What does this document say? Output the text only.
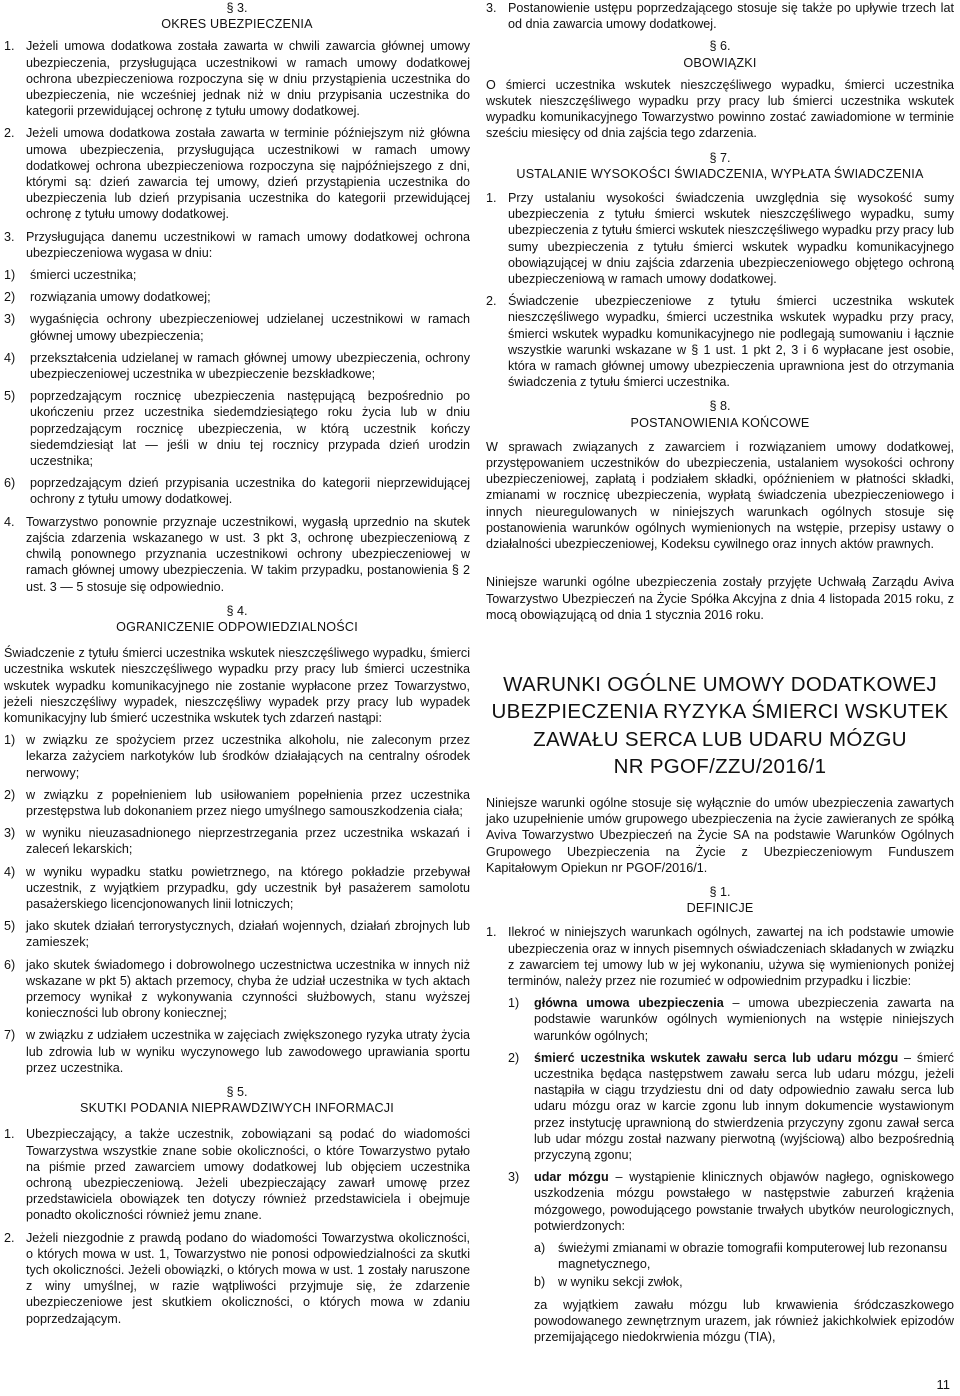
§ 3.
OKRES UBEZPIECZENIA
1. Jeżeli umowa dodatkowa została zawarta w chwili zawarcia głównej umowy ubezpieczenia, przysługująca uczestnikowi w ramach umowy dodatkowej ochrona ubezpieczeniowa rozpoczyna się w dniu przystąpienia uczestnika do ubezpieczenia, nie wcześniej jednak niż w dniu przypisania uczestnika do kategorii przewidującej ochronę z tytułu umowy dodatkowej.
2. Jeżeli umowa dodatkowa została zawarta w terminie późniejszym niż główna umowa ubezpieczenia, przysługująca uczestnikowi w ramach umowy dodatkowej ochrona ubezpieczeniowa rozpoczyna się najpóźniejszego z dni, którymi są: dzień zawarcia tej umowy, dzień przystąpienia uczestnika do ubezpieczenia lub dzień przypisania uczestnika do kategorii przewidującej ochronę z tytułu umowy dodatkowej.
3. Przysługująca danemu uczestnikowi w ramach umowy dodatkowej ochrona ubezpieczeniowa wygasa w dniu:
1)	śmierci uczestnika;
2)	rozwiązania umowy dodatkowej;
3)	wygaśnięcia ochrony ubezpieczeniowej udzielanej uczestnikowi w ramach głównej umowy ubezpieczenia;
4)	przekształcenia udzielanej w ramach głównej umowy ubezpieczenia, ochrony ubezpieczeniowej uczestnika w ubezpieczenie bezskładkowe;
5)	poprzedzającym rocznicę ubezpieczenia następującą bezpośrednio po ukończeniu przez uczestnika siedemdziesiątego roku życia lub w dniu poprzedzającym rocznicę ubezpieczenia, w którą uczestnik kończy siedemdziesiąt lat — jeśli w dniu tej rocznicy przypada dzień urodzin uczestnika;
6)	poprzedzającym dzień przypisania uczestnika do kategorii nieprzewidującej ochrony z tytułu umowy dodatkowej.
4. Towarzystwo ponownie przyznaje uczestnikowi, wygasłą uprzednio na skutek zajścia zdarzenia wskazanego w ust. 3 pkt 3, ochronę ubezpieczeniową z chwilą ponownego przyznania uczestnikowi ochrony ubezpieczeniowej w ramach głównej umowy ubezpieczenia. W takim przypadku, postanowienia § 2 ust. 3 — 5 stosuje się odpowiednio.
§ 4.
OGRANICZENIE ODPOWIEDZIALNOŚCI

Świadczenie z tytułu śmierci uczestnika wskutek nieszczęśliwego wypadku, śmierci uczestnika wskutek nieszczęśliwego wypadku przy pracy lub śmierci uczestnika wskutek wypadku komunikacyjnego nie zostanie wypłacone przez Towarzystwo, jeżeli nieszczęśliwy wypadek, nieszczęśliwy wypadek przy pracy lub wypadek komunikacyjny lub śmierć uczestnika wskutek tych zdarzeń nastąpi:

1) w związku ze spożyciem przez uczestnika alkoholu, nie zaleconym przez lekarza zażyciem narkotyków lub środków działających na centralny ośrodek nerwowy;
2) w związku z popełnieniem lub usiłowaniem popełnienia przez uczestnika przestępstwa lub dokonaniem przez niego umyślnego samouszkodzenia ciała;
3) w wyniku nieuzasadnionego nieprzestrzegania przez uczestnika wskazań i zaleceń lekarskich;
4) w wyniku wypadku statku powietrznego, na którego pokładzie przebywał uczestnik, z wyjątkiem przypadku, gdy uczestnik był pasażerem samolotu pasażerskiego licencjonowanych linii lotniczych;
5) jako skutek działań terrorystycznych, działań wojennych, działań zbrojnych lub zamieszek;
6) jako skutek świadomego i dobrowolnego uczestnictwa uczestnika w innych niż wskazane w pkt 5) aktach przemocy, chyba że udział uczestnika w tych aktach przemocy wynikał z wykonywania czynności służbowych, stanu wyższej konieczności lub obrony koniecznej;
7) w związku z udziałem uczestnika w zajęciach zwiększonego ryzyka utraty życia lub zdrowia lub w wyniku wyczynowego lub zawodowego uprawiania sportu przez uczestnika.
§ 5.
SKUTKI PODANIA NIEPRAWDZIWYCH INFORMACJI
1. Ubezpieczający, a także uczestnik, zobowiązani są podać do wiadomości Towarzystwa wszystkie znane sobie okoliczności, o które Towarzystwo pytało na piśmie przed zawarciem umowy dodatkowej lub objęciem uczestnika ochroną ubezpieczeniową. Jeżeli ubezpieczający zawarł umowę przez przedstawiciela obowiązek ten dotyczy również przedstawiciela i obejmuje ponadto okoliczności również jemu znane.
2. Jeżeli niezgodnie z prawdą podano do wiadomości Towarzystwa okoliczności, o których mowa w ust. 1, Towarzystwo nie ponosi odpowiedzialności za skutki tych okoliczności. Jeżeli obowiązki, o których mowa w ust. 1 zostały naruszone z winy umyślnej, w razie wątpliwości przyjmuje się, że zdarzenie ubezpieczeniowe jest skutkiem okoliczności, o których mowa w zdaniu poprzedzającym.
3. Postanowienie ustępu poprzedzającego stosuje się także po upływie trzech lat od dnia zawarcia umowy dodatkowej.
§ 6.
OBOWIĄZKI

O śmierci uczestnika wskutek nieszczęśliwego wypadku, śmierci uczestnika wskutek nieszczęśliwego wypadku przy pracy lub śmierci uczestnika wskutek wypadku komunikacyjnego Towarzystwo powinno zostać zawiadomione w terminie sześciu miesięcy od dnia zajścia tego zdarzenia.

§ 7.
USTALANIE WYSOKOŚCI ŚWIADCZENIA, WYPŁATA ŚWIADCZENIA
1. Przy ustalaniu wysokości świadczenia uwzględnia się wysokość sumy ubezpieczenia z tytułu śmierci wskutek nieszczęśliwego wypadku, sumy ubezpieczenia z tytułu śmierci wskutek nieszczęśliwego wypadku przy pracy lub sumy ubezpieczenia z tytułu śmierci wskutek wypadku komunikacyjnego obowiązującej w dniu zajścia zdarzenia ubezpieczeniowego objętego ochroną ubezpieczeniową w ramach umowy dodatkowej.
2. Świadczenie ubezpieczeniowe z tytułu śmierci uczestnika wskutek nieszczęśliwego wypadku, śmierci uczestnika wskutek wypadku przy pracy, śmierci wskutek wypadku komunikacyjnego nie podlegają sumowaniu i łącznie wszystkie warunki wskazane w § 1 ust. 1 pkt 2, 3 i 6 wypłacane jest osobie, która w ramach głównej umowy ubezpieczenia uprawniona jest do otrzymania świadczenia z tytułu śmierci uczestnika.
§ 8.
POSTANOWIENIA KOŃCOWE

W sprawach związanych z zawarciem i rozwiązaniem umowy dodatkowej, przystępowaniem uczestników do ubezpieczenia, ustalaniem wysokości ochrony ubezpieczeniowej, zapłatą i podziałem składki, opóźnieniem w płatności składki, zmianami w rocznicę ubezpieczenia, wypłatą świadczenia ubezpieczeniowego i innych nieuregulowanych w niniejszych warunkach ogólnych stosuje się postanowienia warunków ogólnych wymienionych na wstępie, przepisy ustawy o działalności ubezpieczeniowej, Kodeksu cywilnego oraz innych aktów prawnych.

Niniejsze warunki ogólne ubezpieczenia zostały przyjęte Uchwałą Zarządu Aviva Towarzystwo Ubezpieczeń na Życie Spółka Akcyjna z dnia 4 listopada 2015 roku, z mocą obowiązującą od dnia 1 stycznia 2016 roku.

WARUNKI OGÓLNE UMOWY DODATKOWEJ
UBEZPIECZENIA RYZYKA ŚMIERCI WSKUTEK
ZAWAŁU SERCA LUB UDARU MÓZGU
NR PGOF/ZZU/2016/1

Niniejsze warunki ogólne stosuje się wyłącznie do umów ubezpieczenia zawartych jako uzupełnienie umów grupowego ubezpieczenia na życie zawieranych ze spółką Aviva Towarzystwo Ubezpieczeń na Życie SA na podstawie Warunków Ogólnych Grupowego Ubezpieczenia na Życie z Ubezpieczeniowym Funduszem Kapitałowym Opiekun nr PGOF/2016/1.

§ 1.
DEFINICJE
1. Ilekroć w niniejszych warunkach ogólnych, zawartej na ich podstawie umowie ubezpieczenia oraz w innych pisemnych oświadczeniach składanych w związku z zawarciem tej umowy lub w jej wykonaniu, używa się wymienionych poniżej terminów, należy przez nie rozumieć w odpowiednim przypadku i liczbie:
1)	główna umowa ubezpieczenia – umowa ubezpieczenia zawarta na podstawie warunków ogólnych wymienionych na wstępie niniejszych warunków ogólnych;
2)	śmierć uczestnika wskutek zawału serca lub udaru mózgu – śmierć uczestnika będąca następstwem zawału serca lub udaru mózgu, jeżeli nastąpiła w ciągu trzydziestu dni od daty odpowiednio zawału serca lub udaru mózgu oraz w karcie zgonu lub innym dokumencie wystawionym przez instytucję uprawnioną do stwierdzenia przyczyny zgonu zawał serca lub udar mózgu został nazwany pierwotną (wyjściową) albo bezpośrednią przyczyną zgonu;
3)	udar mózgu – wystąpienie klinicznych objawów nagłego, ogniskowego uszkodzenia mózgu powstałego w następstwie zaburzeń krążenia mózgowego, powodującego powstanie trwałych ubytków neurologicznych, potwierdzonych:
a)	świeżymi zmianami w obrazie tomografii komputerowej lub rezonansu magnetycznego,
b)	w wyniku sekcji zwłok,

za wyjątkiem zawału mózgu lub krwawienia śródczaszkowego powodowanego zewnętrznym urazem, jak również jakichkolwiek epizodów przemijającego niedokrwienia mózgu (TIA),

11
